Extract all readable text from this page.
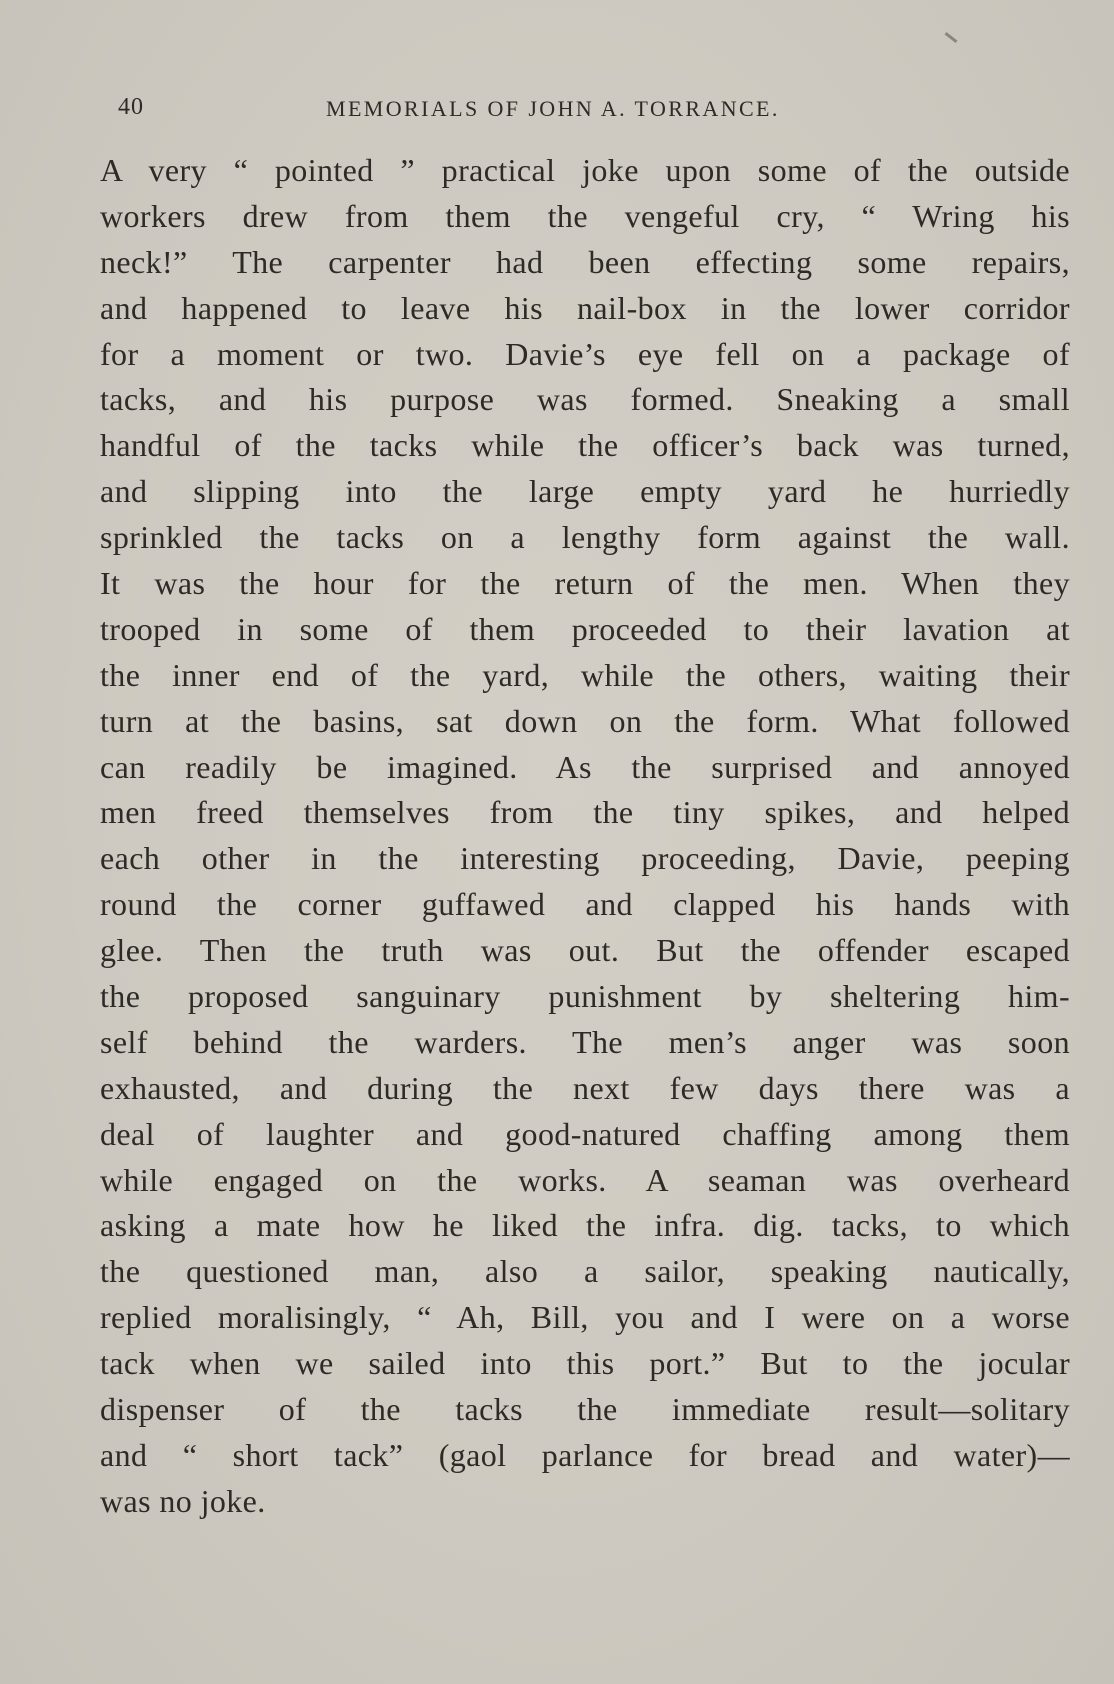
40	MEMORIALS OF JOHN A. TORRANCE.
A very “ pointed ” practical joke upon some of the outside
workers drew from them the vengeful cry, “ Wring his
neck!” The carpenter had been effecting some repairs,
and happened to leave his nail-box in the lower corridor
for a moment or two. Davie’s eye fell on a package of
tacks, and his purpose was formed. Sneaking a small
handful of the tacks while the officer’s back was turned,
and slipping into the large empty yard he hurriedly
sprinkled the tacks on a lengthy form against the wall.
It was the hour for the return of the men. When they
trooped in some of them proceeded to their lavation at
the inner end of the yard, while the others, waiting their
turn at the basins, sat down on the form. What followed
can readily be imagined. As the surprised and annoyed
men freed themselves from the tiny spikes, and helped
each other in the interesting proceeding, Davie, peeping
round the corner guffawed and clapped his hands with
glee. Then the truth was out. But the offender escaped
the proposed sanguinary punishment by sheltering him-
self behind the warders. The men’s anger was soon
exhausted, and during the next few days there was a
deal of laughter and good-natured chaffing among them
while engaged on the works. A seaman was overheard
asking a mate how he liked the infra. dig. tacks, to which
the questioned man, also a sailor, speaking nautically,
replied moralisingly, “ Ah, Bill, you and I were on a worse
tack when we sailed into this port.” But to the jocular
dispenser of the tacks the immediate result—solitary
and “ short tack” (gaol parlance for bread and water)—
was no joke.
